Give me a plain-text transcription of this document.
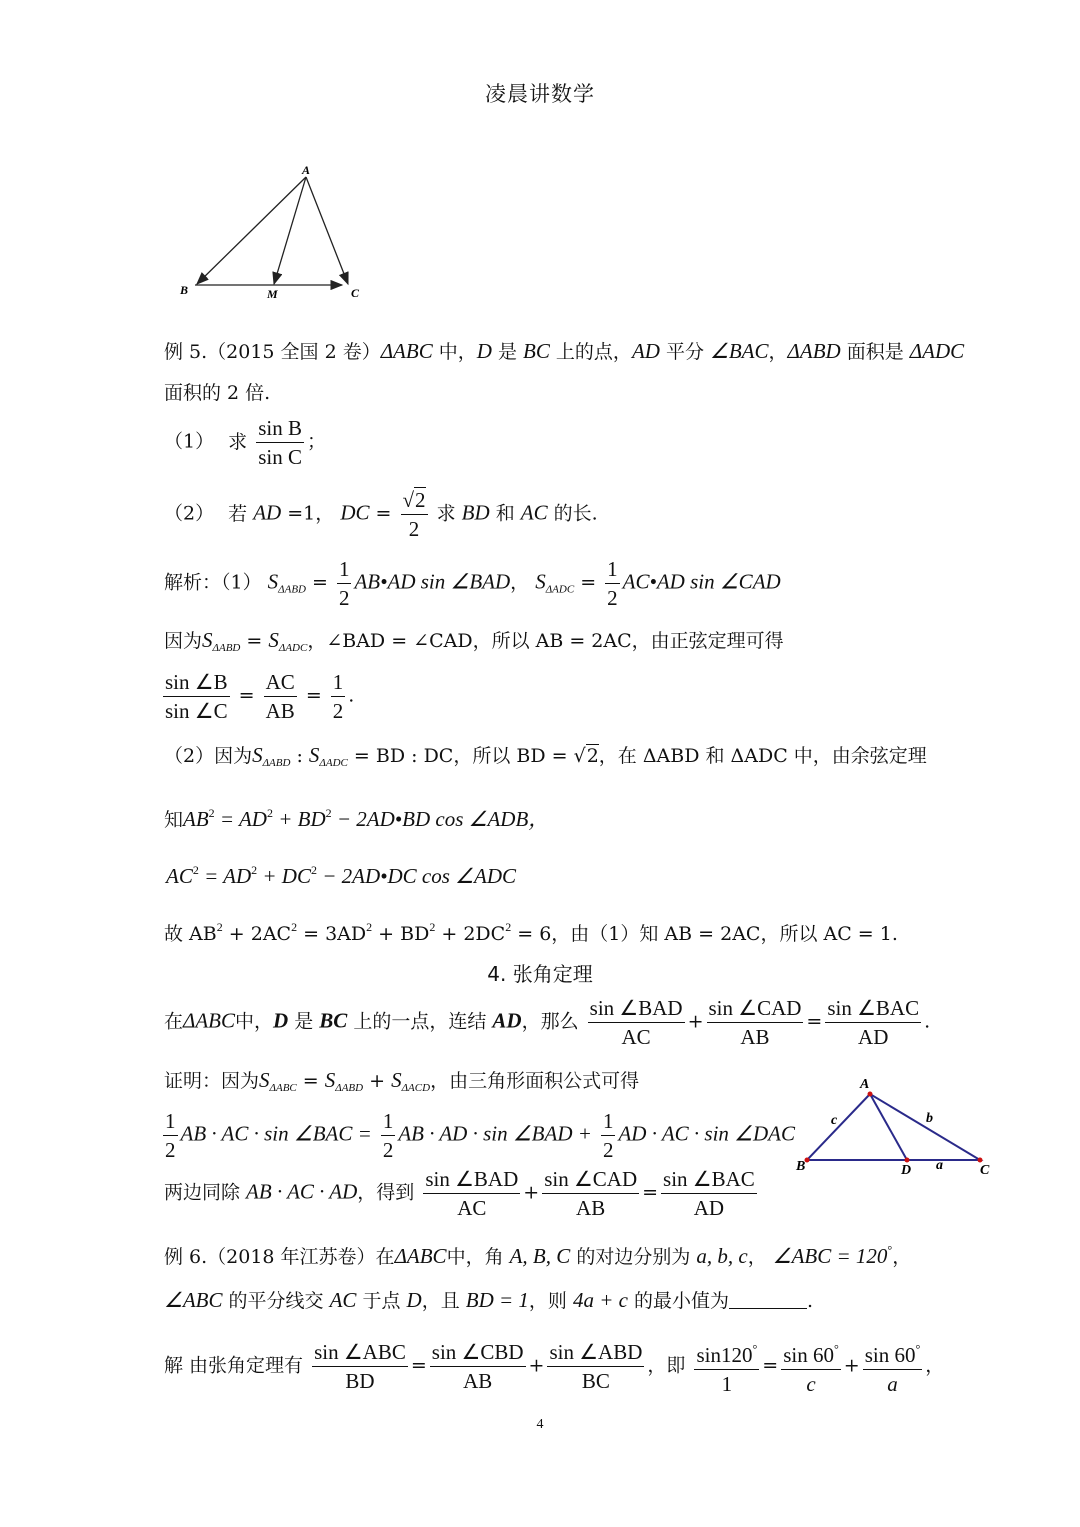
凌晨讲数学
A
B	M	C
例 5.（2015 全国 2 卷）ΔABC 中，D 是 BC 上的点，AD 平分 ∠BAC，ΔABD 面积是 ΔADC
面积的 2 倍.
（1） 求 $\frac{\text{sin B}}{\text{sin C}}$ ；
（2） 若 AD =1， DC = $\frac{√2}{2}$ 求 BD 和 AC 的长.
解析：（1） $S_{\Delta ABD} = \frac{1}{2}$ AB•AD sin ∠BAD， $S_{\Delta ADC} = \frac{1}{2}$ AC•AD sin ∠CAD
因为$S_{\Delta ABD} = S_{\Delta ADC}$，∠BAD = ∠CAD，所以 AB = 2AC，由正弦定理可得
$\frac{\sin \angle B}{\sin \angle C} = \frac{AC}{AB} = \frac{1}{2}$ .
（2）因为$S_{\Delta ABD}$ : $S_{\Delta ADC}$ = BD : DC，所以 BD = √2，在 ΔABD 和 ΔADC 中，由余弦定理
知$AB^2 = AD^2 + BD^2$ − 2AD•BD cos ∠ADB，
$AC^2 = AD^2 + DC^2$ − 2AD•DC cos ∠ADC
故 $AB^2 + 2AC^2 = 3AD^2 + BD^2 + 2DC^2 = 6$，由（1）知 AB = 2AC，所以 AC = 1.
4. 张角定理
在ΔABC中，D 是 BC 上的一点，连结 AD，那么 $\frac{\text{sin ∠BAD}}{AC} + \frac{\text{sin ∠CAD}}{AB} = \frac{\text{sin ∠BAC}}{AD}$ .
证明：因为$S_{\Delta ABC} = S_{\Delta ABD} + S_{\Delta ACD}$，由三角形面积公式可得
$\frac{1}{2}$ AB · AC · sin ∠BAC = $\frac{1}{2}$ AB · AD · sin ∠BAD + $\frac{1}{2}$ AD · AC · sin ∠DAC
两边同除 AB · AC · AD，得到 $\frac{\text{sin ∠BAD}}{AC} + \frac{\text{sin ∠CAD}}{AB} = \frac{\text{sin ∠BAC}}{AD}$
A
B	D	C
c	b
a
例 6.（2018 年江苏卷）在ΔABC中，角 A, B, C 的对边分别为 a, b, c， ∠ABC = 120°，
∠ABC 的平分线交 AC 于点 D，且 BD = 1，则 4a + c 的最小值为	.
解 由张角定理有 $\frac{\text{sin ∠ABC}}{BD} = \frac{\text{sin ∠CBD}}{AB} + \frac{\text{sin ∠ABD}}{BC}$ ，即 $\frac{\sin 120^\circ}{1} = \frac{\sin 60^\circ}{c} + \frac{\sin 60^\circ}{a}$ ，
4
